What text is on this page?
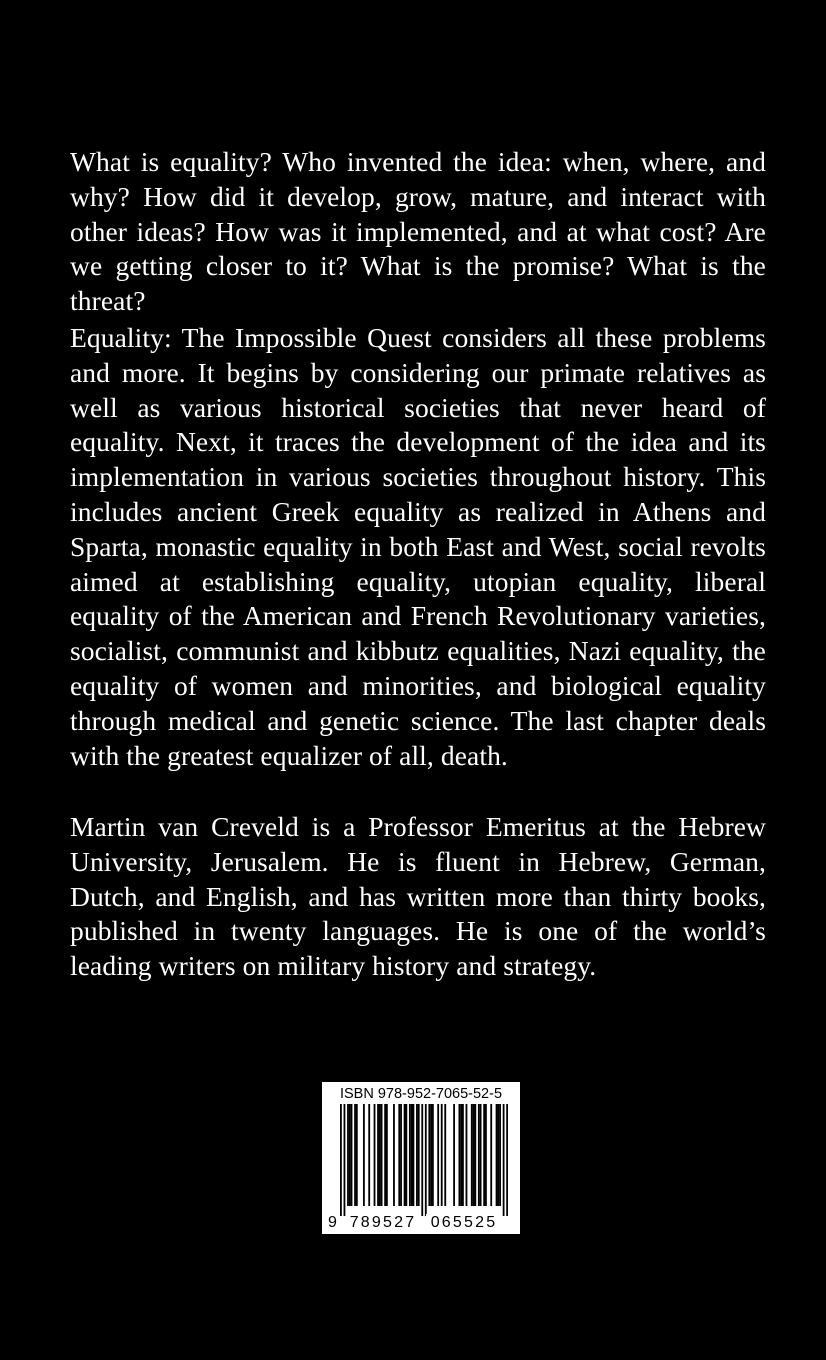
What is equality? Who invented the idea: when, where, and why? How did it develop, grow, mature, and interact with other ideas? How was it implemented, and at what cost? Are we getting closer to it? What is the promise? What is the threat?

Equality: The Impossible Quest considers all these problems and more. It begins by considering our primate relatives as well as various historical societies that never heard of equality. Next, it traces the development of the idea and its implementation in various societies throughout history. This includes ancient Greek equality as realized in Athens and Sparta, monastic equality in both East and West, social revolts aimed at establishing equality, utopian equality, liberal equality of the American and French Revolutionary varieties, socialist, communist and kibbutz equalities, Nazi equality, the equality of women and minorities, and biological equality through medical and genetic science. The last chapter deals with the greatest equalizer of all, death.

Martin van Creveld is a Professor Emeritus at the Hebrew University, Jerusalem. He is fluent in Hebrew, German, Dutch, and English, and has written more than thirty books, published in twenty languages. He is one of the world’s leading writers on military history and strategy.

ISBN 978-952-7065-52-5
9 789527 065525
